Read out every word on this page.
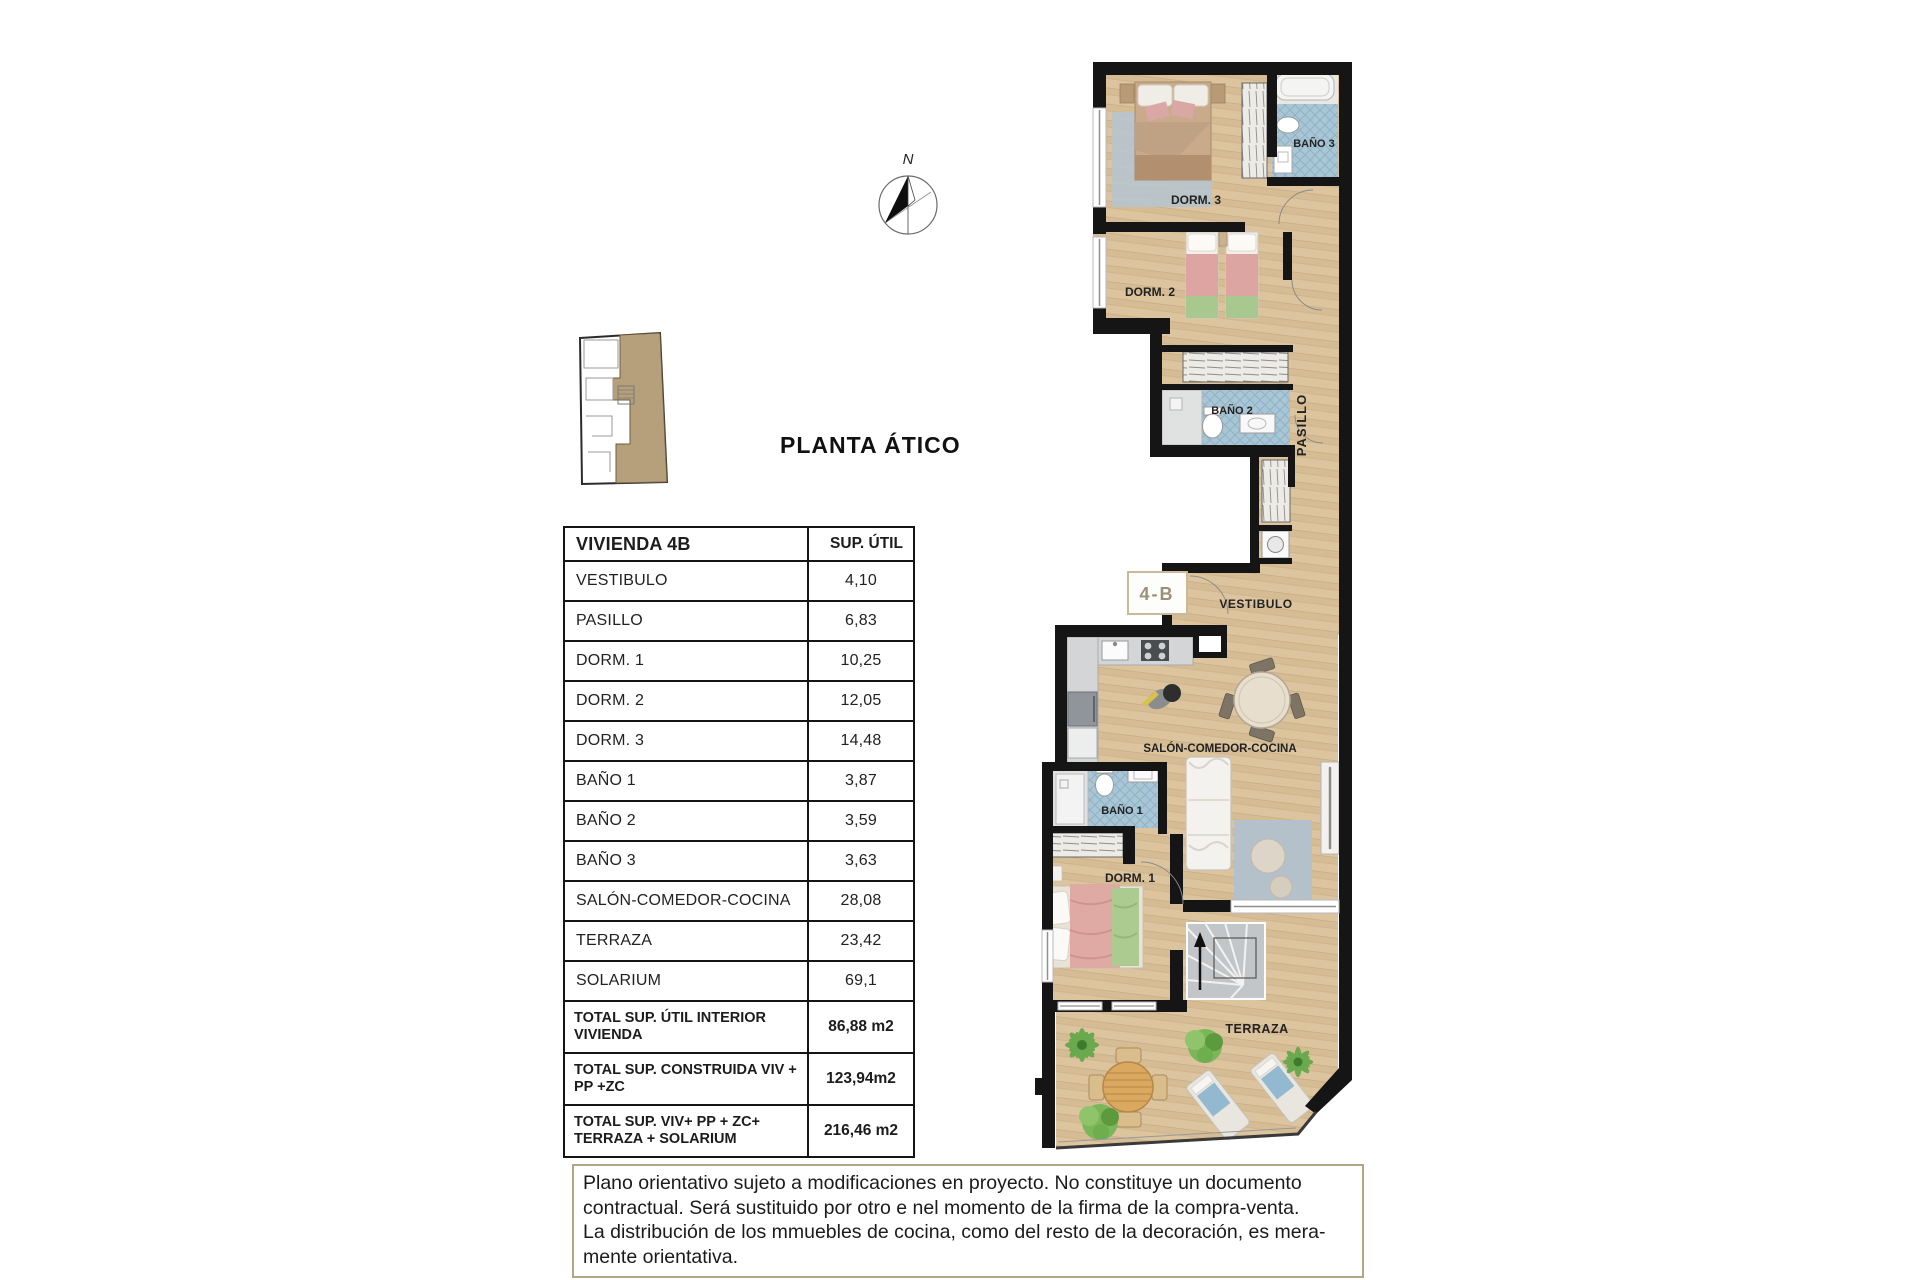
N
PLANTA ÁTICO
VIVIENDA 4B	SUP. ÚTIL
VESTIBULO	4,10
PASILLO	6,83
DORM. 1	10,25
DORM. 2	12,05
DORM. 3	14,48
BAÑO 1	3,87
BAÑO 2	3,59
BAÑO 3	3,63
SALÓN-COMEDOR-COCINA	28,08
TERRAZA	23,42
SOLARIUM	69,1
TOTAL SUP. ÚTIL INTERIOR VIVIENDA	86,88 m2
TOTAL SUP. CONSTRUIDA VIV + PP +ZC	123,94m2
TOTAL SUP. VIV+ PP + ZC+ TERRAZA + SOLARIUM	216,46 m2
4-B
DORM. 3
BAÑO 3
DORM. 2
BAÑO 2	PASILLO
VESTIBULO
SALÓN-COMEDOR-COCINA
BAÑO 1
DORM. 1
TERRAZA
Plano orientativo sujeto a modificaciones en proyecto. No constituye un documento
contractual. Será sustituido por otro e nel momento de la firma de la compra-venta.
La distribución de los mmuebles de cocina, como del resto de la decoración, es mera-
mente orientativa.
